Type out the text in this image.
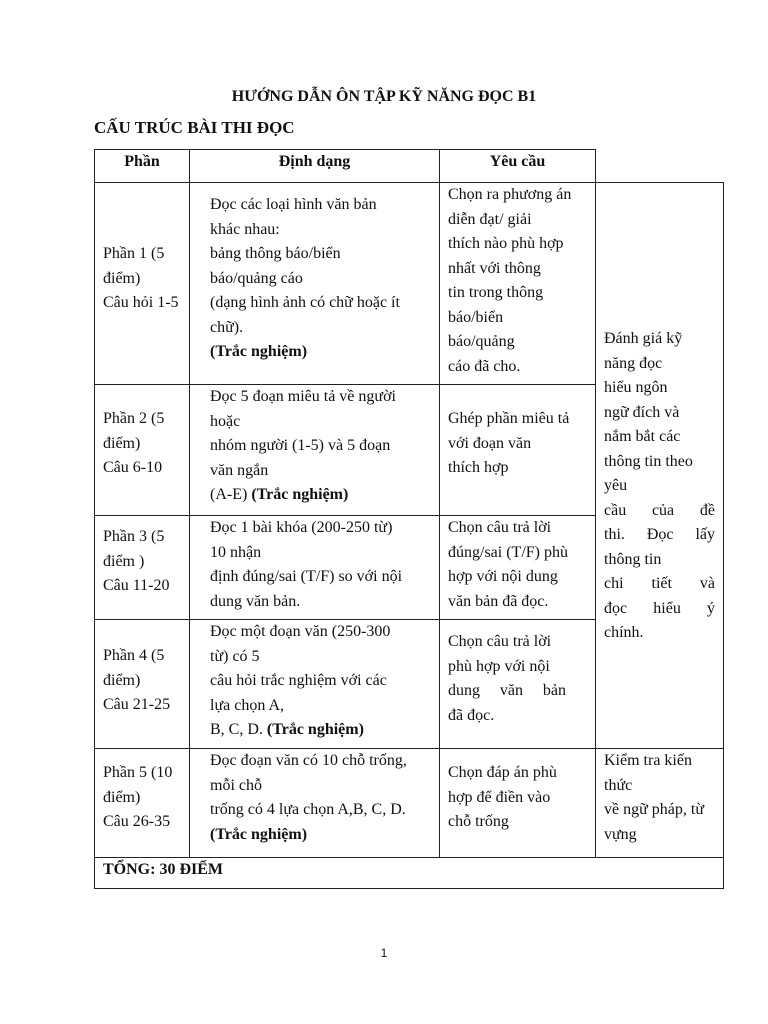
HƯỚNG DẪN ÔN TẬP KỸ NĂNG ĐỌC B1
CẤU TRÚC BÀI THI ĐỌC
Phần	Định dạng	Yêu cầu
Phần 1 (5
điểm)
Câu hỏi 1-5
Đọc các loại hình văn bản
khác nhau:
bảng thông báo/biển
báo/quảng cáo
(dạng hình ảnh có chữ hoặc ít
chữ).
(Trắc nghiệm)
Chọn ra phương án
diễn đạt/ giải
thích nào phù hợp
nhất với thông
tin trong thông
báo/biển
báo/quảng
cáo đã cho.
Đánh giá kỹ
năng đọc
hiểu ngôn
ngữ đích và
nắm bắt các
thông tin theo
yêu
cầu của đề
thi. Đọc lấy
thông tin
chi tiết và
đọc hiểu ý
chính.
Phần 2 (5
điểm)
Câu 6-10
Đọc 5 đoạn miêu tả về người
hoặc
nhóm người (1-5) và 5 đoạn
văn ngắn
(A-E) (Trắc nghiệm)
Ghép phần miêu tả
với đoạn văn
thích hợp
Phần 3 (5
điểm )
Câu 11-20
Đọc 1 bài khóa (200-250 từ)
10 nhận
định đúng/sai (T/F) so với nội
dung văn bản.
Chọn câu trả lời
đúng/sai (T/F) phù
hợp với nội dung
văn bản đã đọc.
Phần 4 (5
điểm)
Câu 21-25
Đọc một đoạn văn (250-300
từ) có 5
câu hỏi trắc nghiệm với các
lựa chọn A,
B, C, D. (Trắc nghiệm)
Chọn câu trả lời
phù hợp với nội
dung văn bản
đã đọc.
Phần 5 (10
điểm)
Câu 26-35
Đọc đoạn văn có 10 chỗ trống,
mỗi chỗ
trống có 4 lựa chọn A,B, C, D.
(Trắc nghiệm)
Chọn đáp án phù
hợp để điền vào
chỗ trống
Kiểm tra kiến
thức
về ngữ pháp, từ
vựng
TỔNG: 30 ĐIỂM
1
